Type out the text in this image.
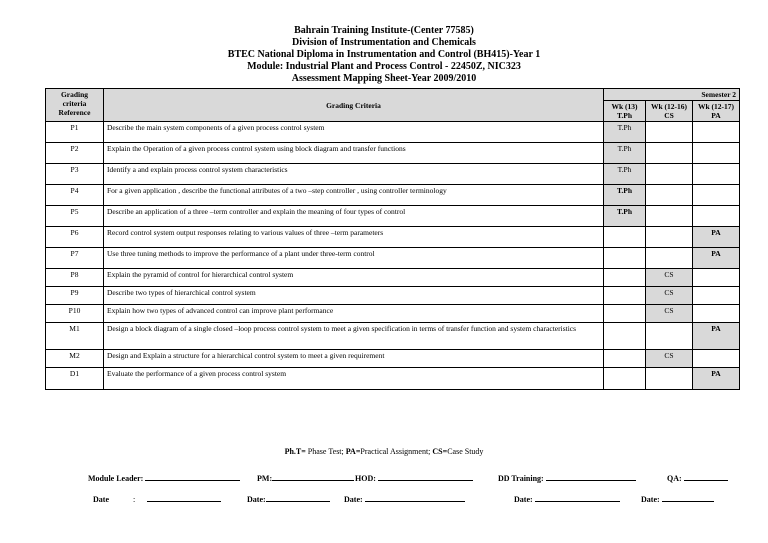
Bahrain Training Institute-(Center 77585)
Division of Instrumentation and Chemicals
BTEC National Diploma in Instrumentation and Control (BH415)-Year 1
Module: Industrial Plant and Process Control - 22450Z, NIC323
Assessment Mapping Sheet-Year 2009/2010
Grading criteria Reference	Grading Criteria	Semester 2		
		Wk (13) T.Ph	Wk (12-16) CS	Wk (12-17) PA
P1	Describe the main system components of a given process control system	T.Ph		
P2	Explain the Operation of a given process control system using block diagram and transfer functions	T.Ph		
P3	Identify a and explain process control system characteristics	T.Ph		
P4	For a given application , describe the functional attributes of a two –step controller , using controller terminology	T.Ph		
P5	Describe an application of a three –term controller and explain the meaning of four types of control	T.Ph		
P6	Record control system output responses relating to various values of three –term parameters			PA
P7	Use three tuning methods to improve the performance of a plant under three-term control			PA
P8	Explain the pyramid of control for hierarchical control system		CS	
P9	Describe two types of hierarchical control system		CS	
P10	Explain how two types of advanced control can improve plant performance		CS	
M1	Design a block diagram of a single closed –loop process control system to meet a given specification in terms of transfer function and system characteristics			PA
M2	Design and Explain a structure for a hierarchical control system to meet a given requirement		CS	
D1	Evaluate the performance of a given process control system			PA
Ph.T= Phase Test; PA=Practical Assignment; CS=Case Study
Module Leader:	PM:	HOD:	DD Training:	QA:
Date	:	Date:	Date:	Date:	Date:
